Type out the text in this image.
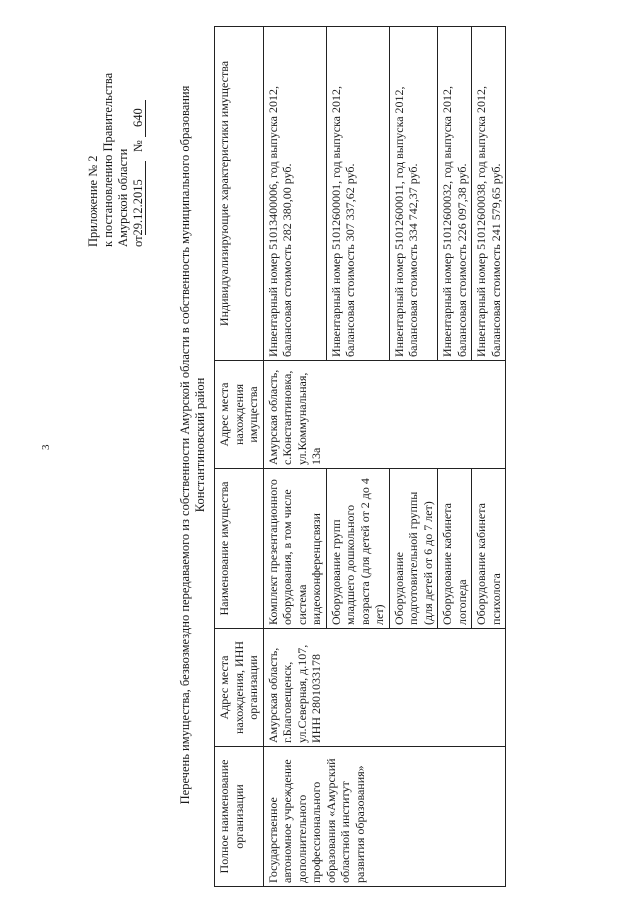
3
Приложение № 2 к постановлению Правительства Амурской области от29.12.2015 № 640	Перечень имущества, безвозмездно передаваемого из собственности Амурской области в собственность муниципального образования Константиновский район
Полное наименование организации	Адрес места нахождения, ИНН организации	Наименование имущества	Адрес места нахождения имущества	Индивидуализирующие характеристики имущества
Государственное автономное учреждение дополнительного профессионального образования «Амурский областной институт развития образования»	Амурская область, г.Благовещенск, ул.Северная, д.107, ИНН 2801033178	Комплект презентационного оборудования, в том числе система видеоконференцсвязи	Амурская область, с.Константиновка, ул.Коммунальная, 13а	Инвентарный номер 51013400006, год выпуска 2012, балансовая стоимость 282 380,00 руб.
		Оборудование групп младшего дошкольного возраста (для детей от 2 до 4 лет)		Инвентарный номер 51012600001, год выпуска 2012, балансовая стоимость 307 337,62 руб.
		Оборудование подготовительной группы (для детей от 6 до 7 лет)		Инвентарный номер 51012600011, год выпуска 2012, балансовая стоимость 334 742,37 руб.
		Оборудование кабинета логопеда		Инвентарный номер 51012600032, год выпуска 2012, балансовая стоимость 226 097,38 руб.
		Оборудование кабинета психолога		Инвентарный номер 51012600038, год выпуска 2012, балансовая стоимость 241 579,65 руб.
